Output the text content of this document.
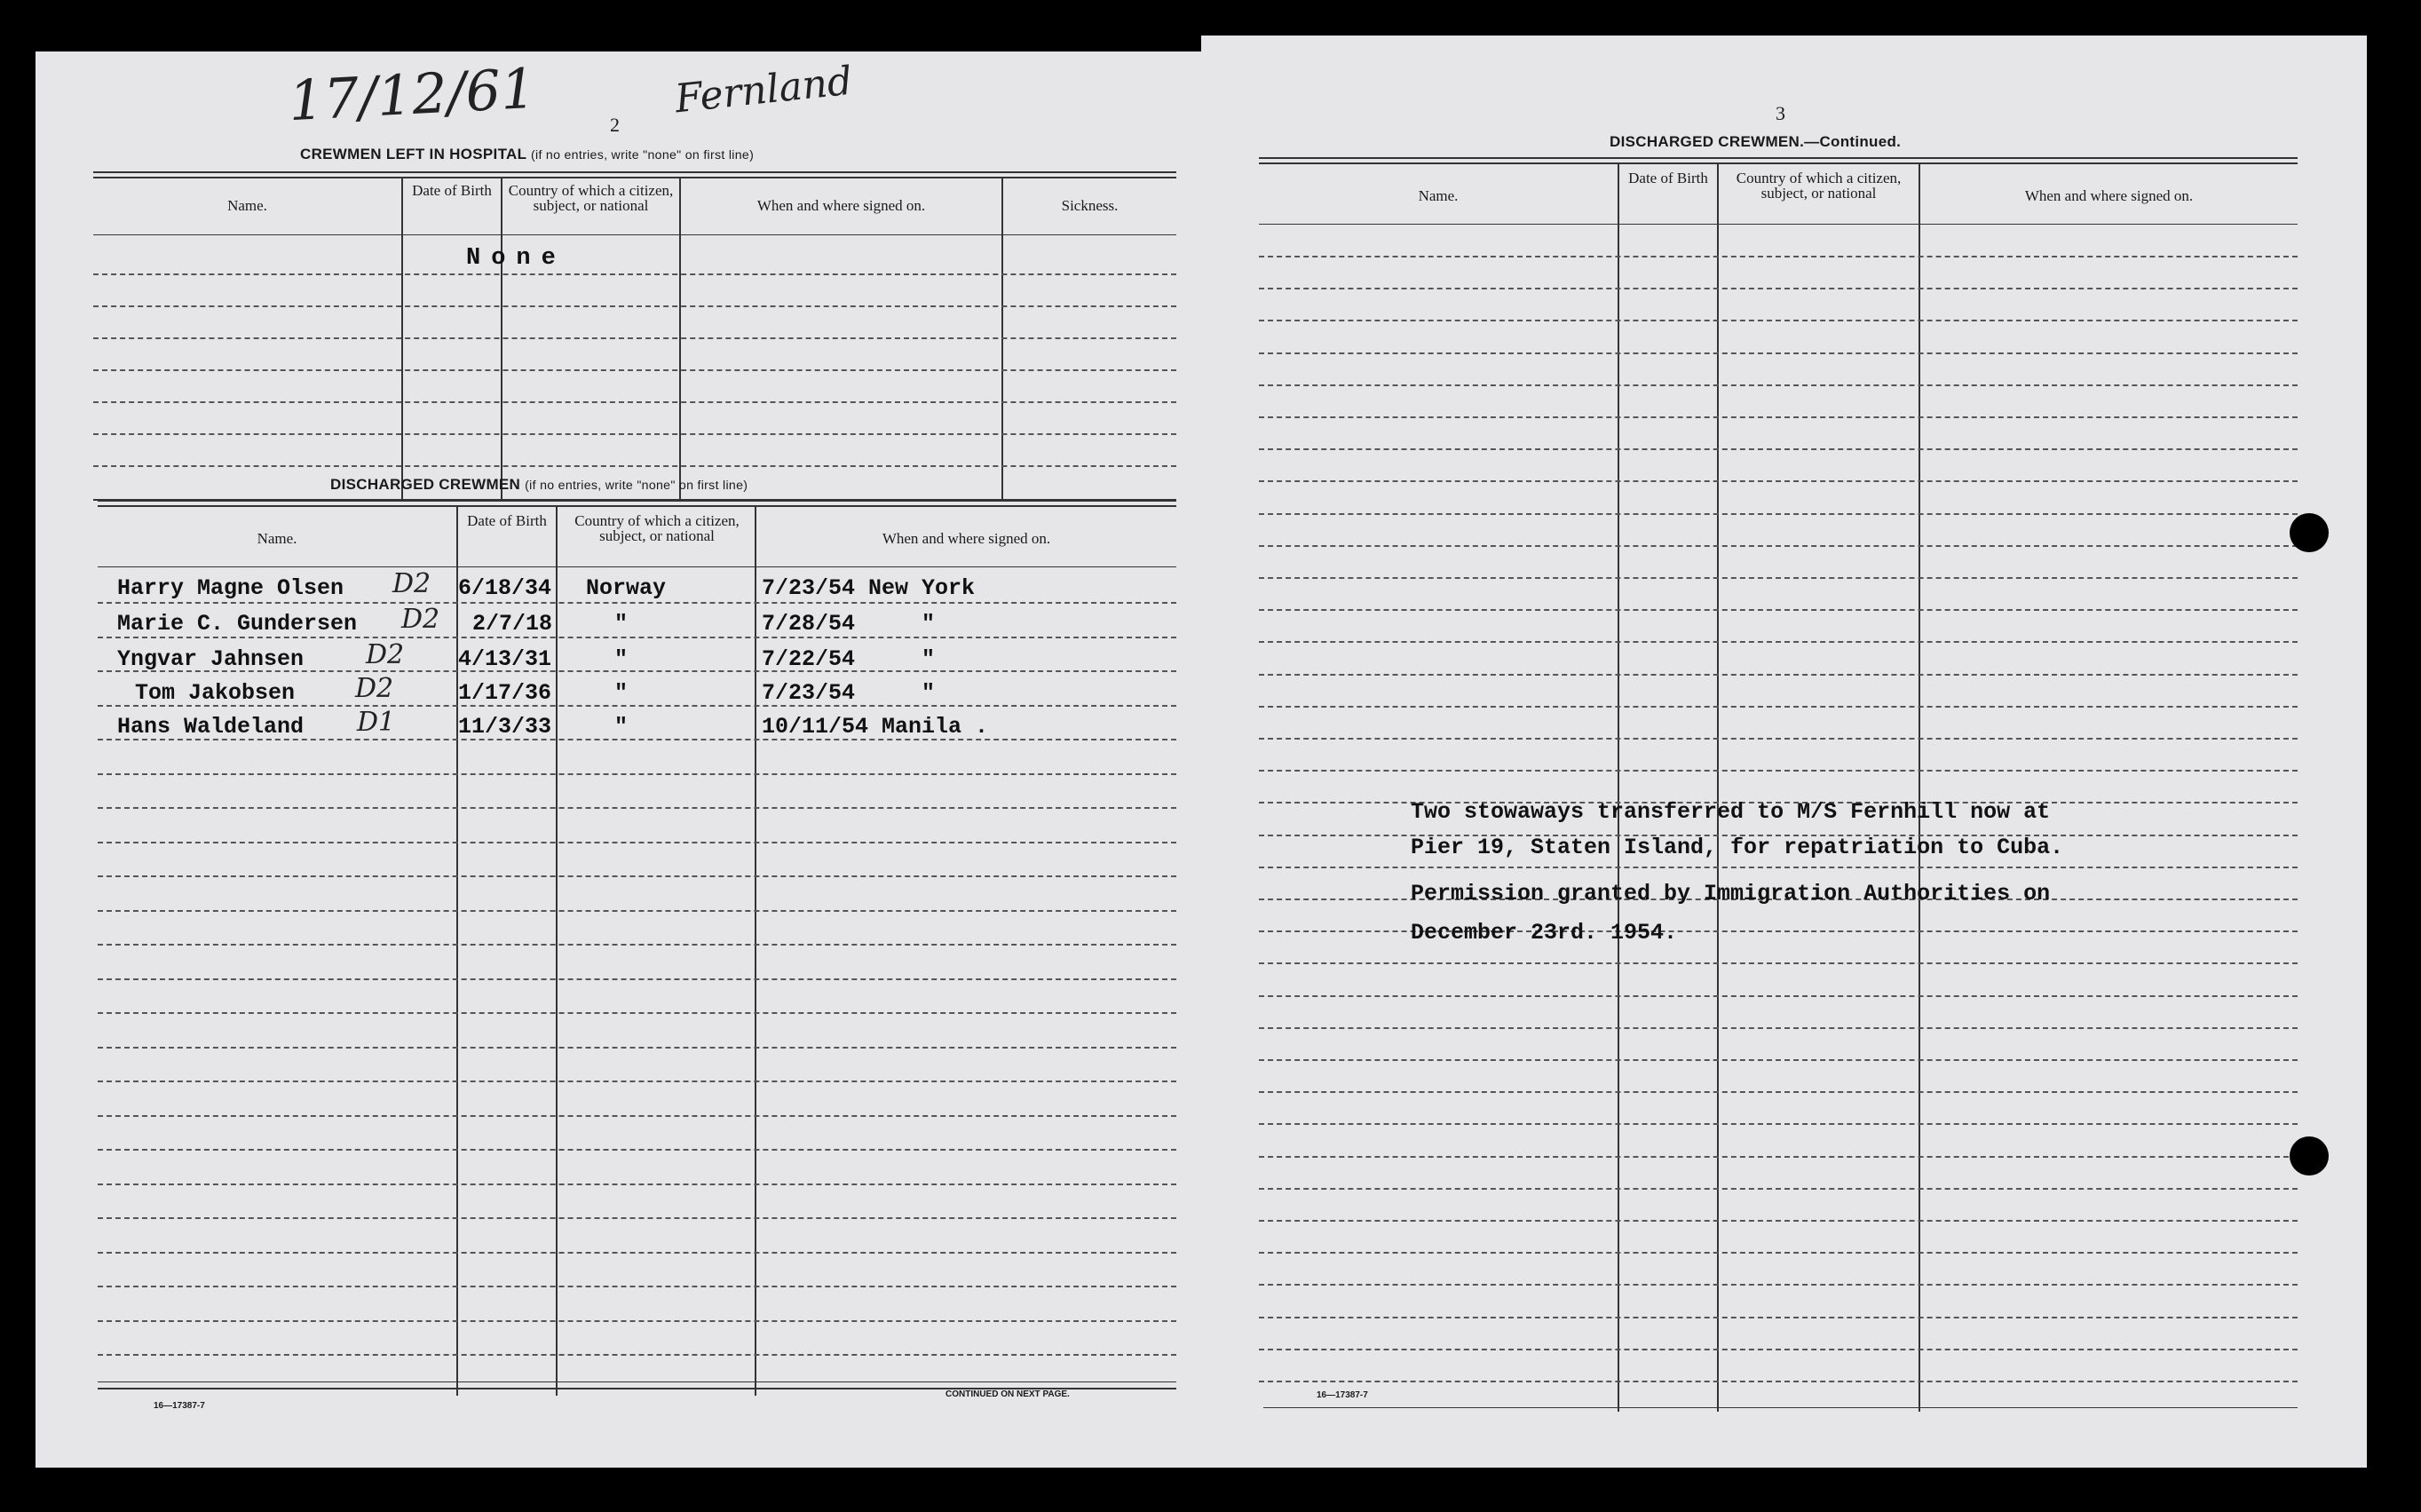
2
17/12/61	Fernland
CREWMEN LEFT IN HOSPITAL (if no entries, write "none" on first line)
Name.
Date of Birth	Country of which a citizen, subject, or national	When and where signed on.	Sickness.
None
DISCHARGED CREWMEN (if no entries, write "none" on first line)
Name.
Date of Birth	Country of which a citizen, subject, or national	When and where signed on.
Harry Magne Olsen D2 6/18/34 Norway	7/23/54 New York
Marie C. Gundersen D2 2/7/18	"	7/28/54     "
Yngvar Jahnsen D2 4/13/31	"	7/22/54     "
Tom Jakobsen D2	1/17/36	"	7/23/54     "
Hans Waldeland D1	11/3/33	"	10/11/54 Manila .
16—17387-7
CONTINUED ON NEXT PAGE.
3
DISCHARGED CREWMEN.—Continued.
Name.
Date of Birth	Country of which a citizen, subject, or national	When and where signed on.
Two stowaways transferred to M/S Fernhill now at
Pier 19, Staten Island, for repatriation to Cuba.
Permission granted by Immigration Authorities on
December 23rd. 1954.
16—17387-7
